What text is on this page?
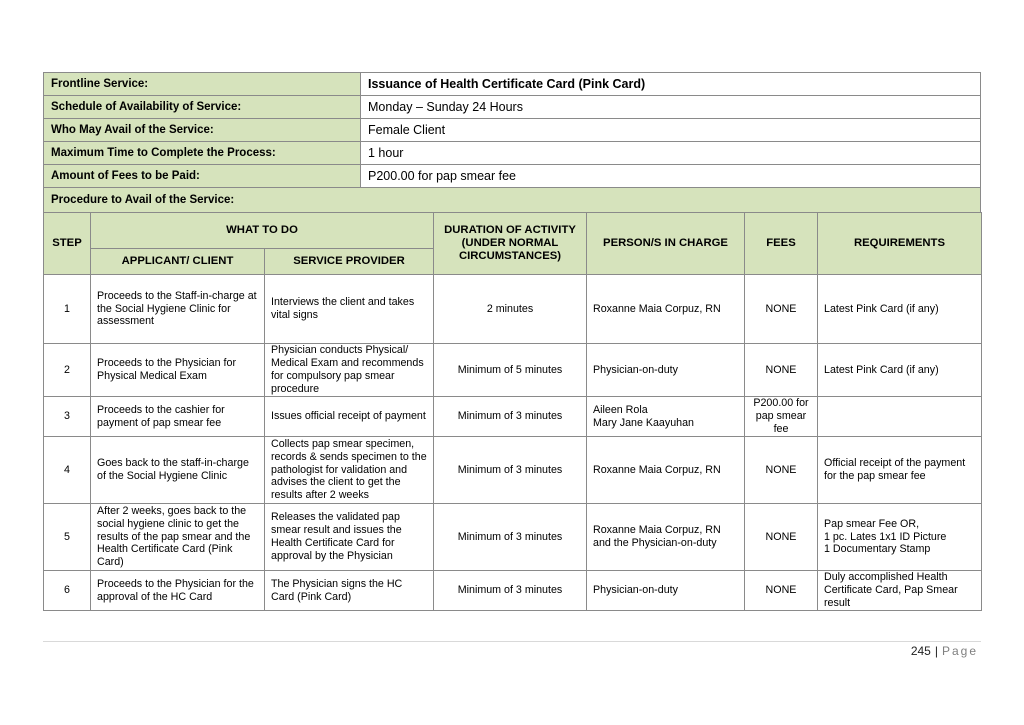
Frontline Service:	Issuance of Health Certificate Card (Pink Card)
Schedule of Availability of Service:	Monday – Sunday 24 Hours
Who May Avail of the Service:	Female Client
Maximum Time to Complete the Process:	1 hour
Amount of Fees to be Paid:	P200.00 for pap smear fee
Procedure to Avail of the Service:	
STEP	WHAT TO DO		DURATION OF ACTIVITY (UNDER NORMAL CIRCUMSTANCES)	PERSON/S IN CHARGE	FEES	REQUIREMENTS
	APPLICANT/ CLIENT	SERVICE PROVIDER				
1	Proceeds to the Staff-in-charge at the Social Hygiene Clinic for assessment	Interviews the client and takes vital signs	2 minutes	Roxanne Maia Corpuz, RN	NONE	Latest Pink Card (if any)
2	Proceeds to the Physician for Physical Medical Exam	Physician conducts Physical/ Medical Exam and recommends for compulsory pap smear procedure	Minimum of 5 minutes	Physician-on-duty	NONE	Latest Pink Card (if any)
3	Proceeds to the cashier for payment of pap smear fee	Issues official receipt of payment	Minimum of 3 minutes	Aileen Rola
Mary Jane Kaayuhan	P200.00 for pap smear fee	
4	Goes back to the staff-in-charge of the Social Hygiene Clinic	Collects pap smear specimen, records & sends specimen to the pathologist for validation and advises the client to get the results after 2 weeks	Minimum of 3 minutes	Roxanne Maia Corpuz, RN	NONE	Official receipt of the payment for the pap smear fee
5	After 2 weeks, goes back to the social hygiene clinic to get the results of the pap smear and the Health Certificate Card (Pink Card)	Releases the validated pap smear result and issues the Health Certificate Card for approval by the Physician	Minimum of 3 minutes	Roxanne Maia Corpuz, RN and the Physician-on-duty	NONE	Pap smear Fee OR,
1 pc. Lates 1x1 ID Picture
1 Documentary Stamp
6	Proceeds to the Physician for the approval of the HC Card	The Physician signs the HC Card (Pink Card)	Minimum of 3 minutes	Physician-on-duty	NONE	Duly accomplished Health Certificate Card, Pap Smear result
245 | Page
